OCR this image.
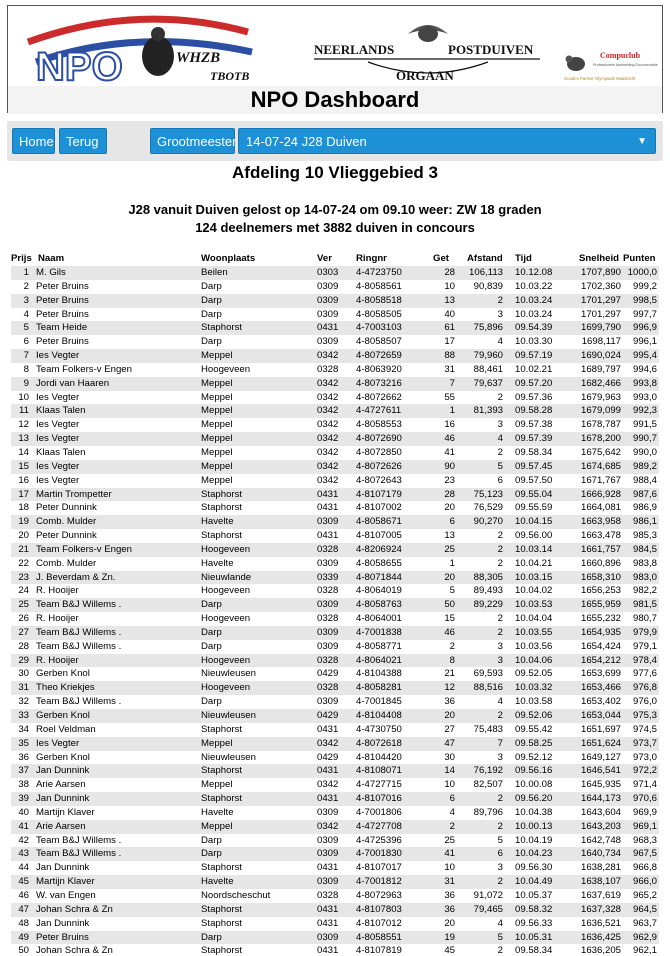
NPO	WHZB
TBOTB
NEERLANDS	POSTDUIVEN
ORGAAN
Compuclub
Professionele Aanmelding Documentatie
Gouden Partner Olympiade Maastricht
NPO Dashboard
Home Terug	Grootmeester 14-07-24 J28 Duiven	▼
Afdeling 10 Vlieggebied 3
J28 vanuit Duiven gelost op 14-07-24 om 09.10 weer: ZW 18 graden
124 deelnemers met 3882 duiven in concours
Prijs Naam	Woonplaats	Ver	Ringnr	Get	Afstand	Tijd	Snelheid Punten
1 M. Gils	Beilen	0303 4-4723750	28	106,113 10.12.08	1707,890 1000,0
2 Peter Bruins	Darp	0309 4-8058561	10	90,839 10.03.22	1702,360	999,2
3 Peter Bruins	Darp	0309 4-8058518	13	2 10.03.24	1701,297	998,5
4 Peter Bruins	Darp	0309 4-8058505	40	3 10.03.24	1701,297	997,7
5 Team Heide	Staphorst	0431 4-7003103	61	75,896 09.54.39	1699,790	996,9
6 Peter Bruins	Darp	0309 4-8058507	17	4 10.03.30	1698,117	996,1
7 Ies Vegter	Meppel	0342 4-8072659	88	79,960 09.57.19	1690,024	995,4
8 Team Folkers-v Engen	Hoogeveen	0328 4-8063920	31	88,461 10.02.21	1689,797	994,6
9 Jordi van Haaren	Meppel	0342 4-8073216	7	79,637 09.57.20	1682,466	993,8
10 Ies Vegter	Meppel	0342 4-8072662	55	2 09.57.36	1679,963	993,0
11 Klaas Talen	Meppel	0342 4-4727611	1	81,393 09.58.28	1679,099	992,3
12 Ies Vegter	Meppel	0342 4-8058553	16	3 09.57.38	1678,787	991,5
13 Ies Vegter	Meppel	0342 4-8072690	46	4 09.57.39	1678,200	990,7
14 Klaas Talen	Meppel	0342 4-8072850	41	2 09.58.34	1675,642	990,0
15 Ies Vegter	Meppel	0342 4-8072626	90	5 09.57.45	1674,685	989,2
16 Ies Vegter	Meppel	0342 4-8072643	23	6 09.57.50	1671,767	988,4
17 Martin Trompetter	Staphorst	0431 4-8107179	28	75,123 09.55.04	1666,928	987,6
18 Peter Dunnink	Staphorst	0431 4-8107002	20	76,529 09.55.59	1664,081	986,9
19 Comb. Mulder	Havelte	0309 4-8058671	6	90,270 10.04.15	1663,958	986,1
20 Peter Dunnink	Staphorst	0431 4-8107005	13	2 09.56.00	1663,478	985,3
21 Team Folkers-v Engen	Hoogeveen	0328 4-8206924	25	2 10.03.14	1661,757	984,5
22 Comb. Mulder	Havelte	0309 4-8058655	1	2 10.04.21	1660,896	983,8
23 J. Beverdam & Zn.	Nieuwlande	0339 4-8071844	20	88,305 10.03.15	1658,310	983,0
24 R. Hooijer	Hoogeveen	0328 4-8064019	5	89,493 10.04.02	1656,253	982,2
25 Team B&J Willems .	Darp	0309 4-8058763	50	89,229 10.03.53	1655,959	981,5
26 R. Hooijer	Hoogeveen	0328 4-8064001	15	2 10.04.04	1655,232	980,7
27 Team B&J Willems .	Darp	0309 4-7001838	46	2 10.03.55	1654,935	979,9
28 Team B&J Willems .	Darp	0309 4-8058771	2	3 10.03.56	1654,424	979,1
29 R. Hooijer	Hoogeveen	0328 4-8064021	8	3 10.04.06	1654,212	978,4
30 Gerben Knol	Nieuwleusen	0429 4-8104388	21	69,593 09.52.05	1653,699	977,6
31 Theo Kriekjes	Hoogeveen	0328 4-8058281	12	88,516 10.03.32	1653,466	976,8
32 Team B&J Willems .	Darp	0309 4-7001845	36	4 10.03.58	1653,402	976,0
33 Gerben Knol	Nieuwleusen	0429 4-8104408	20	2 09.52.06	1653,044	975,3
34 Roel Veldman	Staphorst	0431 4-4730750	27	75,483 09.55.42	1651,697	974,5
35 Ies Vegter	Meppel	0342 4-8072618	47	7 09.58.25	1651,624	973,7
36 Gerben Knol	Nieuwleusen	0429 4-8104420	30	3 09.52.12	1649,127	973,0
37 Jan Dunnink	Staphorst	0431 4-8108071	14	76,192 09.56.16	1646,541	972,2
38 Arie Aarsen	Meppel	0342 4-4727715	10	82,507 10.00.08	1645,935	971,4
39 Jan Dunnink	Staphorst	0431 4-8107016	6	2 09.56.20	1644,173	970,6
40 Martijn Klaver	Havelte	0309 4-7001806	4	89,796 10.04.38	1643,604	969,9
41 Arie Aarsen	Meppel	0342 4-4727708	2	2 10.00.13	1643,203	969,1
42 Team B&J Willems .	Darp	0309 4-4725396	25	5 10.04.19	1642,748	968,3
43 Team B&J Willems .	Darp	0309 4-7001830	41	6 10.04.23	1640,734	967,5
44 Jan Dunnink	Staphorst	0431 4-8107017	10	3 09.56.30	1638,281	966,8
45 Martijn Klaver	Havelte	0309 4-7001812	31	2 10.04.49	1638,107	966,0
46 W. van Engen	Noordscheschut	0328 4-8072963	36	91,072 10.05.37	1637,619	965,2
47 Johan Schra & Zn	Staphorst	0431 4-8107803	36	79,465 09.58.32	1637,328	964,5
48 Jan Dunnink	Staphorst	0431 4-8107012	20	4 09.56.33	1636,521	963,7
49 Peter Bruins	Darp	0309 4-8058551	19	5 10.05.31	1636,425	962,9
50 Johan Schra & Zn	Staphorst	0431 4-8107819	45	2 09.58.34	1636,205	962,1
